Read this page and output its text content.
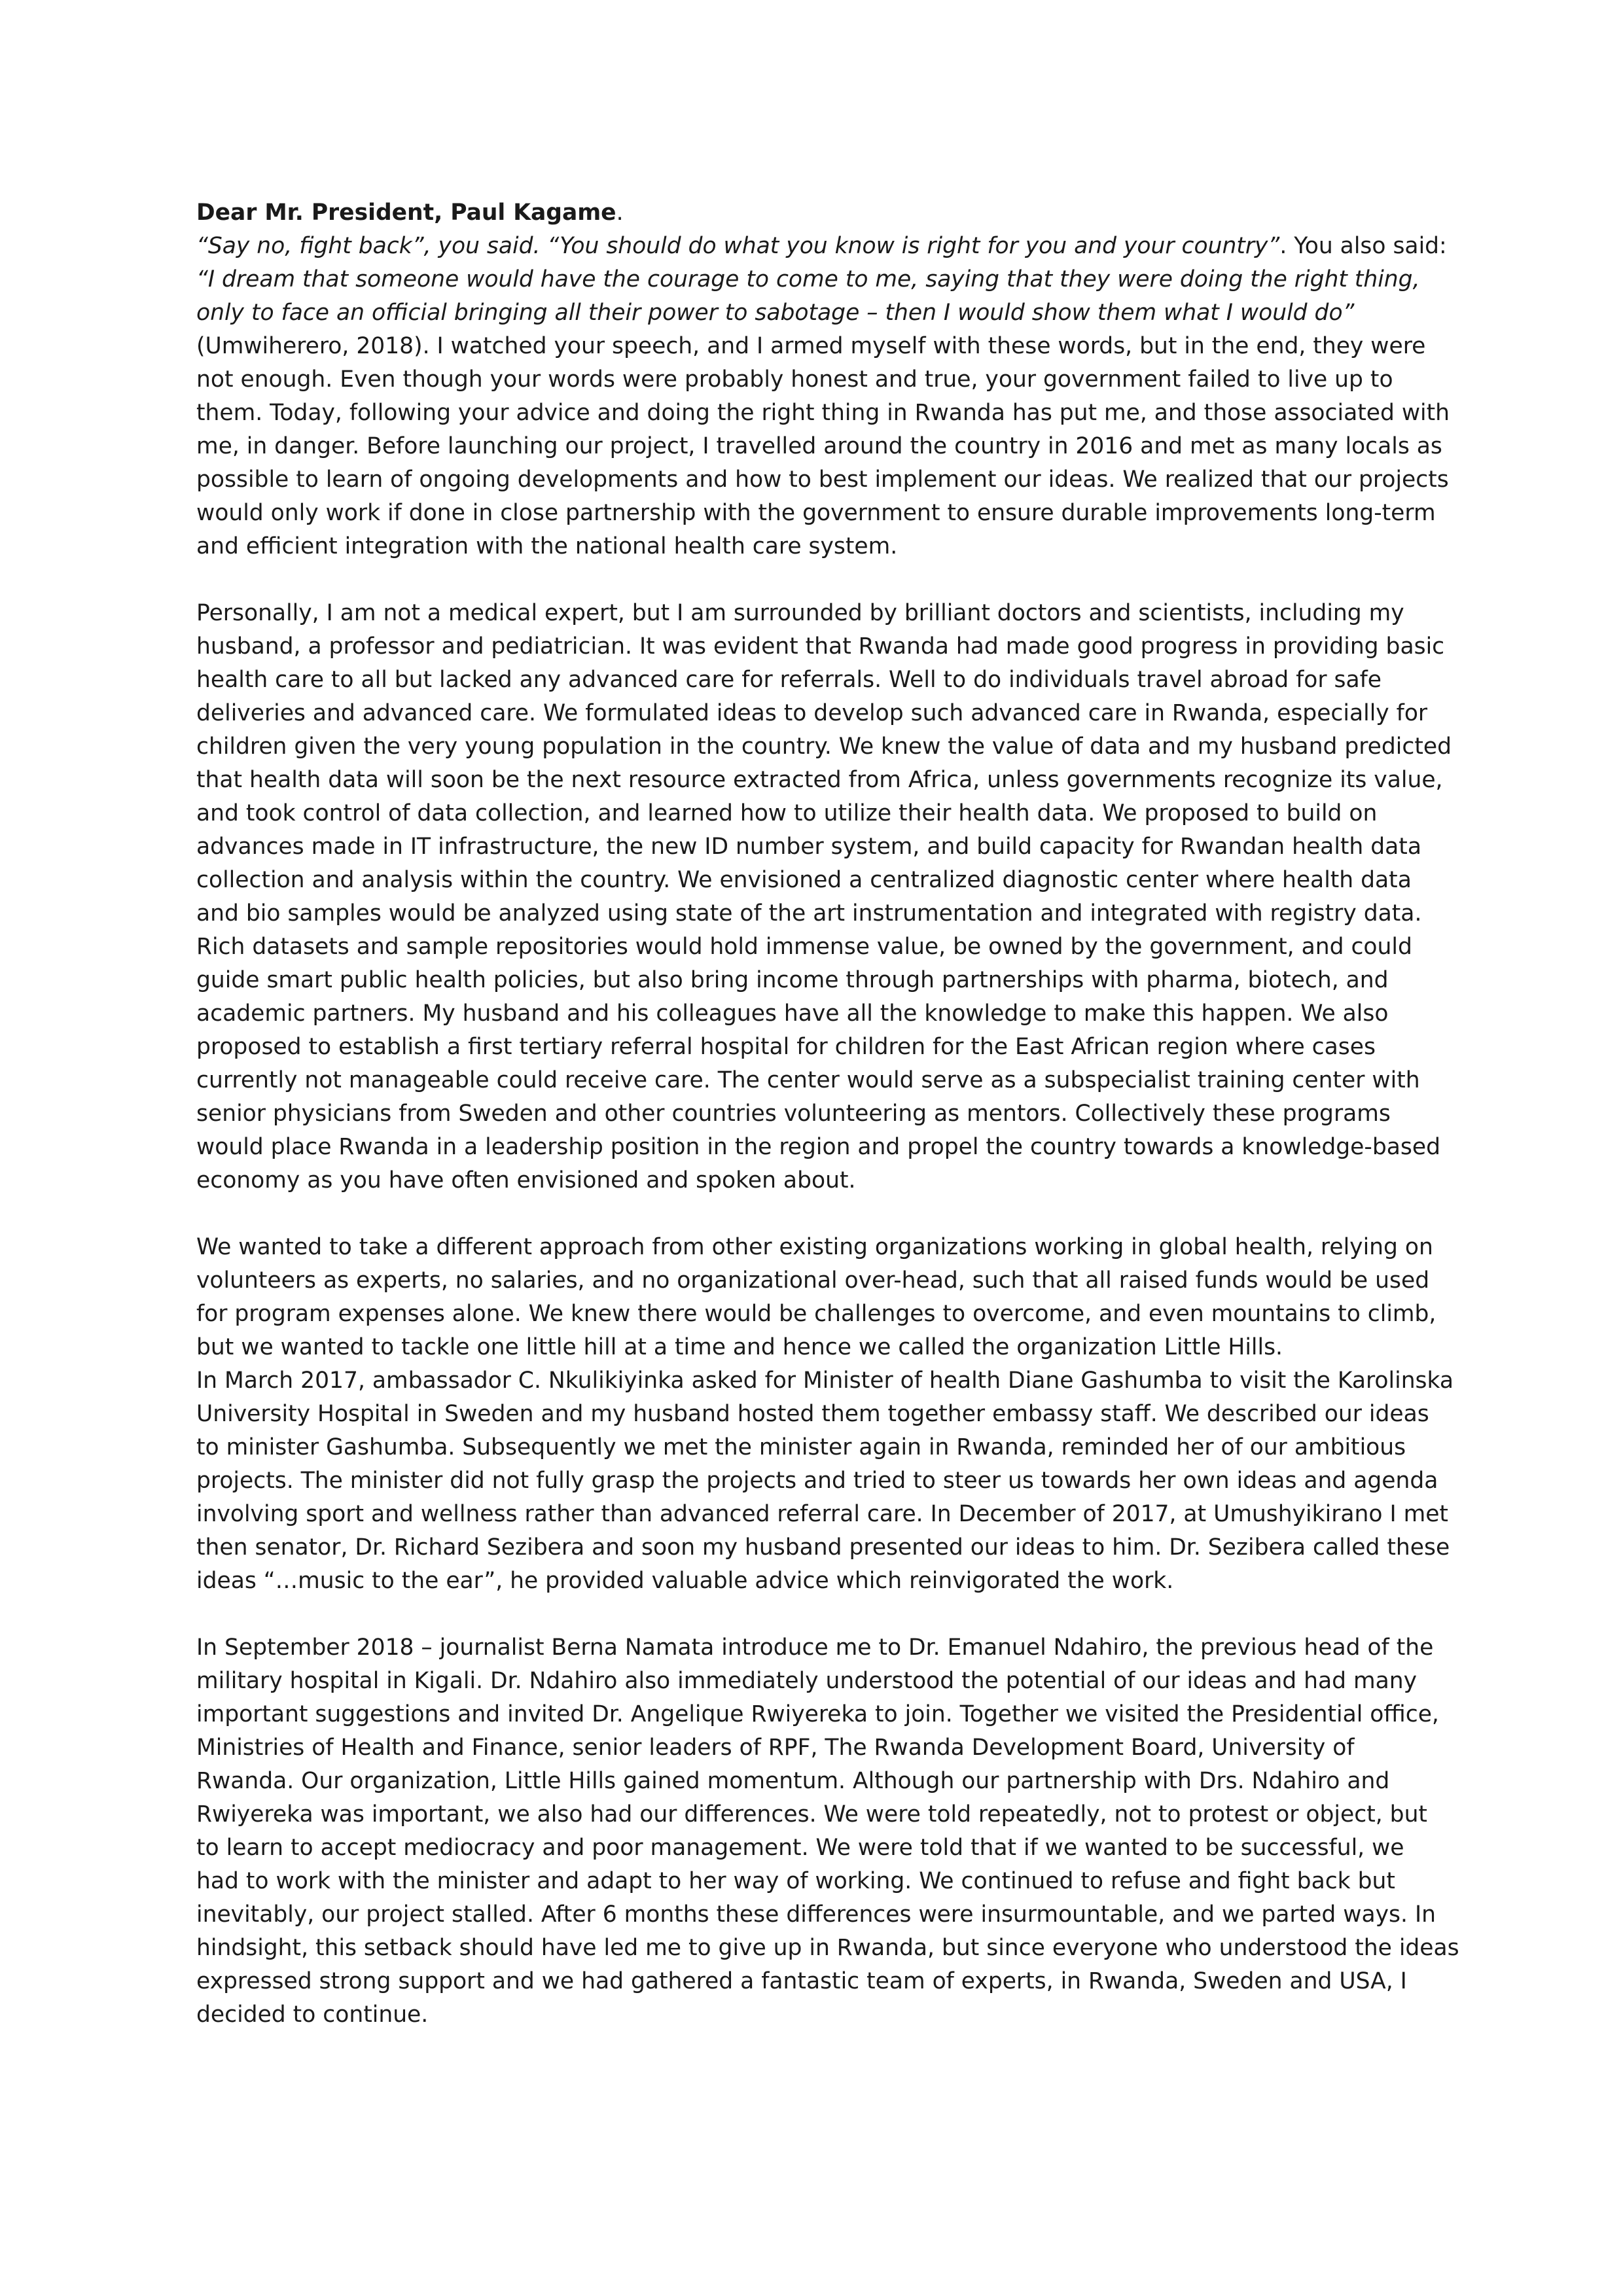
Dear Mr. President, Paul Kagame.

“Say no, fight back”, you said. “You should do what you know is right for you and your country”. You also said:
“I dream that someone would have the courage to come to me, saying that they were doing the right thing,
only to face an official bringing all their power to sabotage – then I would show them what I would do”
(Umwiherero, 2018). I watched your speech, and I armed myself with these words, but in the end, they were
not enough. Even though your words were probably honest and true, your government failed to live up to
them. Today, following your advice and doing the right thing in Rwanda has put me, and those associated with
me, in danger. Before launching our project, I travelled around the country in 2016 and met as many locals as
possible to learn of ongoing developments and how to best implement our ideas. We realized that our projects
would only work if done in close partnership with the government to ensure durable improvements long-term
and efficient integration with the national health care system.
Personally, I am not a medical expert, but I am surrounded by brilliant doctors and scientists, including my
husband, a professor and pediatrician. It was evident that Rwanda had made good progress in providing basic
health care to all but lacked any advanced care for referrals. Well to do individuals travel abroad for safe
deliveries and advanced care. We formulated ideas to develop such advanced care in Rwanda, especially for
children given the very young population in the country. We knew the value of data and my husband predicted
that health data will soon be the next resource extracted from Africa, unless governments recognize its value,
and took control of data collection, and learned how to utilize their health data. We proposed to build on
advances made in IT infrastructure, the new ID number system, and build capacity for Rwandan health data
collection and analysis within the country. We envisioned a centralized diagnostic center where health data
and bio samples would be analyzed using state of the art instrumentation and integrated with registry data.
Rich datasets and sample repositories would hold immense value, be owned by the government, and could
guide smart public health policies, but also bring income through partnerships with pharma, biotech, and
academic partners. My husband and his colleagues have all the knowledge to make this happen. We also
proposed to establish a first tertiary referral hospital for children for the East African region where cases
currently not manageable could receive care. The center would serve as a subspecialist training center with
senior physicians from Sweden and other countries volunteering as mentors. Collectively these programs
would place Rwanda in a leadership position in the region and propel the country towards a knowledge-based
economy as you have often envisioned and spoken about.
We wanted to take a different approach from other existing organizations working in global health, relying on
volunteers as experts, no salaries, and no organizational over-head, such that all raised funds would be used
for program expenses alone. We knew there would be challenges to overcome, and even mountains to climb,
but we wanted to tackle one little hill at a time and hence we called the organization Little Hills.
In March 2017, ambassador C. Nkulikiyinka asked for Minister of health Diane Gashumba to visit the Karolinska
University Hospital in Sweden and my husband hosted them together embassy staff. We described our ideas
to minister Gashumba. Subsequently we met the minister again in Rwanda, reminded her of our ambitious
projects. The minister did not fully grasp the projects and tried to steer us towards her own ideas and agenda
involving sport and wellness rather than advanced referral care. In December of 2017, at Umushyikirano I met
then senator, Dr. Richard Sezibera and soon my husband presented our ideas to him. Dr. Sezibera called these
ideas “…music to the ear”, he provided valuable advice which reinvigorated the work.
In September 2018 – journalist Berna Namata introduce me to Dr. Emanuel Ndahiro, the previous head of the
military hospital in Kigali. Dr. Ndahiro also immediately understood the potential of our ideas and had many
important suggestions and invited Dr. Angelique Rwiyereka to join. Together we visited the Presidential office,
Ministries of Health and Finance, senior leaders of RPF, The Rwanda Development Board, University of
Rwanda. Our organization, Little Hills gained momentum. Although our partnership with Drs. Ndahiro and
Rwiyereka was important, we also had our differences. We were told repeatedly, not to protest or object, but
to learn to accept mediocracy and poor management. We were told that if we wanted to be successful, we
had to work with the minister and adapt to her way of working. We continued to refuse and fight back but
inevitably, our project stalled. After 6 months these differences were insurmountable, and we parted ways. In
hindsight, this setback should have led me to give up in Rwanda, but since everyone who understood the ideas
expressed strong support and we had gathered a fantastic team of experts, in Rwanda, Sweden and USA, I
decided to continue.
